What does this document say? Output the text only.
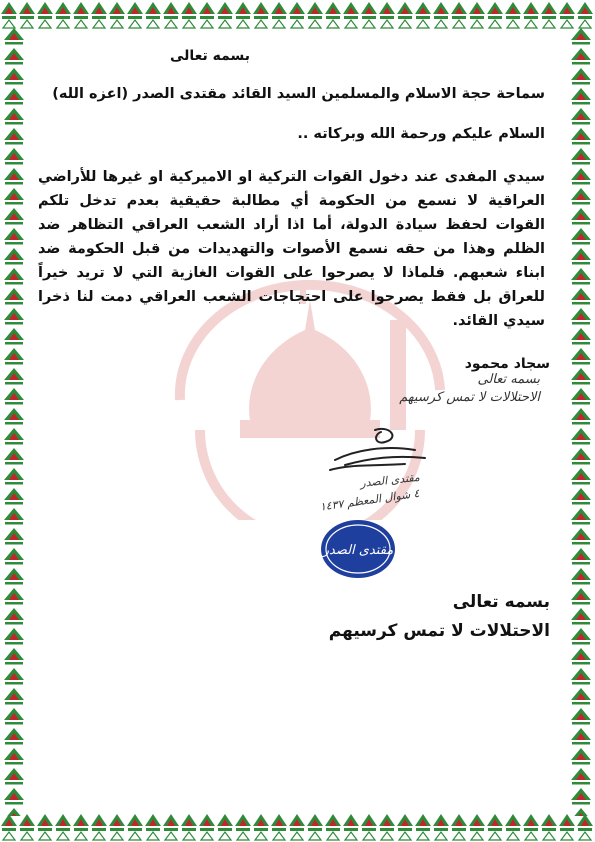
بسمه تعالى
سماحة حجة الاسلام والمسلمين السيد القائد مقتدى الصدر (اعزه الله)
السلام عليكم ورحمة الله وبركاته ..
سيدي المفدى عند دخول القوات التركية او الاميركية او غيرها للأراضي العراقية لا نسمع من الحكومة أي مطالبة حقيقية بعدم تدخل تلكم القوات لحفظ سيادة الدولة، أما اذا أراد الشعب العراقي التظاهر ضد الظلم وهذا من حقه نسمع الأصوات والتهديدات من قبل الحكومة ضد ابناء شعبهم. فلماذا لا يصرحوا على القوات الغازية التي لا تريد خيراً للعراق بل فقط يصرحوا على احتجاجات الشعب العراقي دمت لنا ذخرا سيدي القائد.
سجاد محمود
بسمه تعالى
الاحتلالات لا تمس كرسيهم
مقتدى الصدر
٤ شوال المعظم ١٤٣٧
مقتدى الصدر
بسمه تعالى
الاحتلالات لا تمس كرسيهم
